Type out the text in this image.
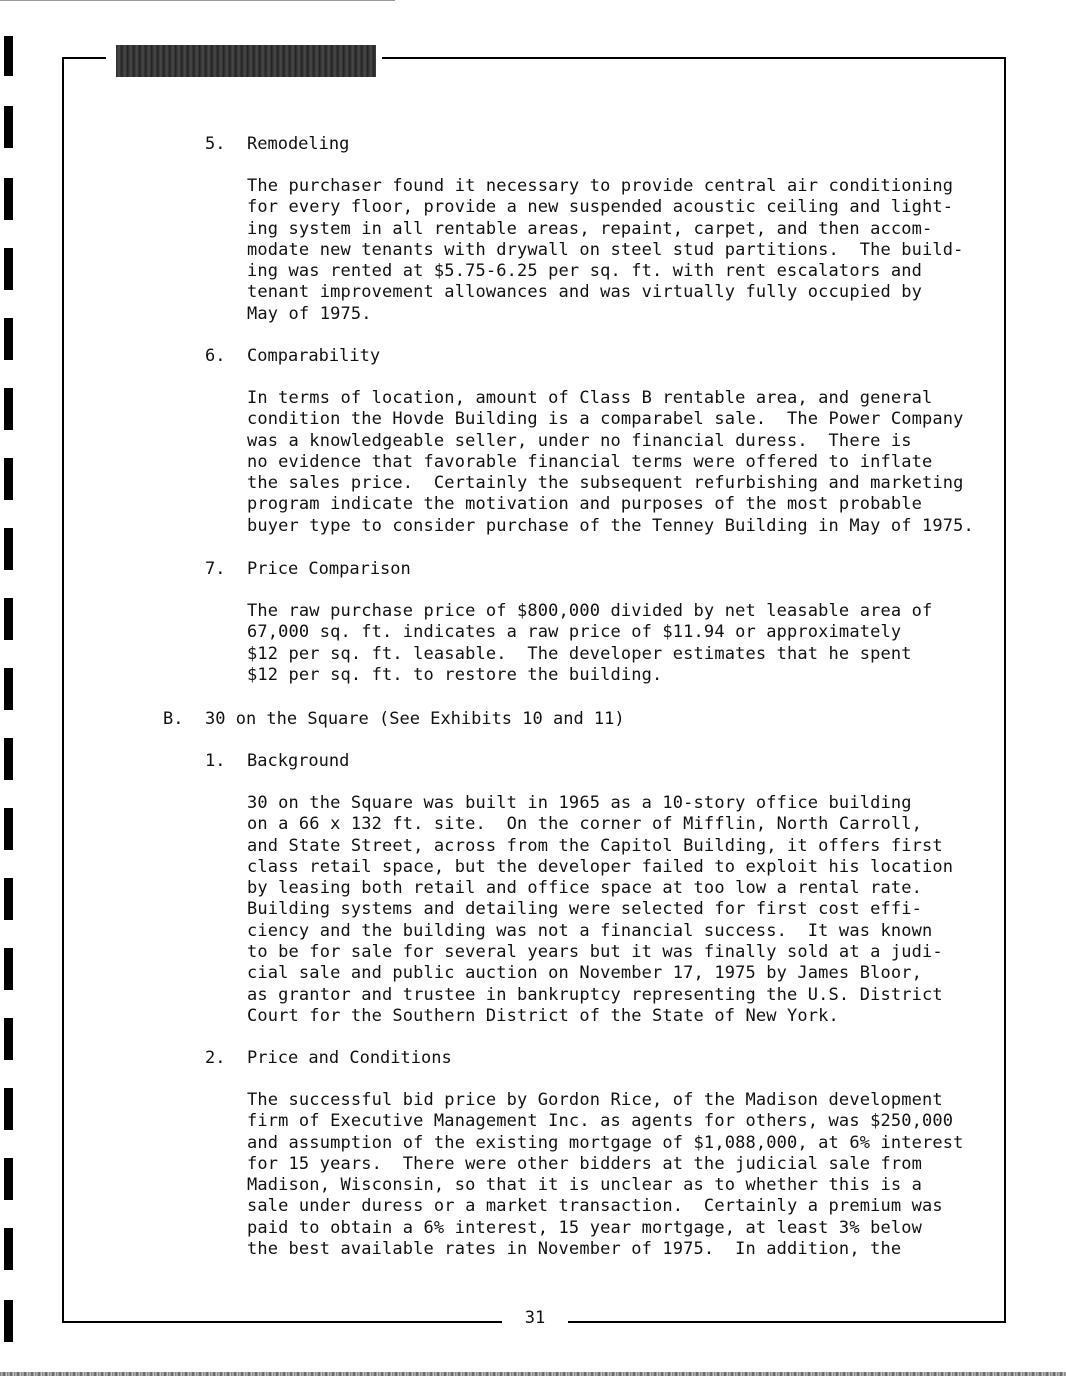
5. Remodeling

The purchaser found it necessary to provide central air conditioning
for every floor, provide a new suspended acoustic ceiling and light-
ing system in all rentable areas, repaint, carpet, and then accom-
modate new tenants with drywall on steel stud partitions.  The build-
ing was rented at $5.75-6.25 per sq. ft. with rent escalators and
tenant improvement allowances and was virtually fully occupied by
May of 1975.

6. Comparability

In terms of location, amount of Class B rentable area, and general
condition the Hovde Building is a comparabel sale.  The Power Company
was a knowledgeable seller, under no financial duress.  There is
no evidence that favorable financial terms were offered to inflate
the sales price.  Certainly the subsequent refurbishing and marketing
program indicate the motivation and purposes of the most probable
buyer type to consider purchase of the Tenney Building in May of 1975.

7. Price Comparison

The raw purchase price of $800,000 divided by net leasable area of
67,000 sq. ft. indicates a raw price of $11.94 or approximately
$12 per sq. ft. leasable.  The developer estimates that he spent
$12 per sq. ft. to restore the building.

B. 30 on the Square (See Exhibits 10 and 11)
1. Background

30 on the Square was built in 1965 as a 10-story office building
on a 66 x 132 ft. site.  On the corner of Mifflin, North Carroll,
and State Street, across from the Capitol Building, it offers first
class retail space, but the developer failed to exploit his location
by leasing both retail and office space at too low a rental rate.
Building systems and detailing were selected for first cost effi-
ciency and the building was not a financial success.  It was known
to be for sale for several years but it was finally sold at a judi-
cial sale and public auction on November 17, 1975 by James Bloor,
as grantor and trustee in bankruptcy representing the U.S. District
Court for the Southern District of the State of New York.

2. Price and Conditions

The successful bid price by Gordon Rice, of the Madison development
firm of Executive Management Inc. as agents for others, was $250,000
and assumption of the existing mortgage of $1,088,000, at 6% interest
for 15 years.  There were other bidders at the judicial sale from
Madison, Wisconsin, so that it is unclear as to whether this is a
sale under duress or a market transaction.  Certainly a premium was
paid to obtain a 6% interest, 15 year mortgage, at least 3% below
the best available rates in November of 1975.  In addition, the

31
